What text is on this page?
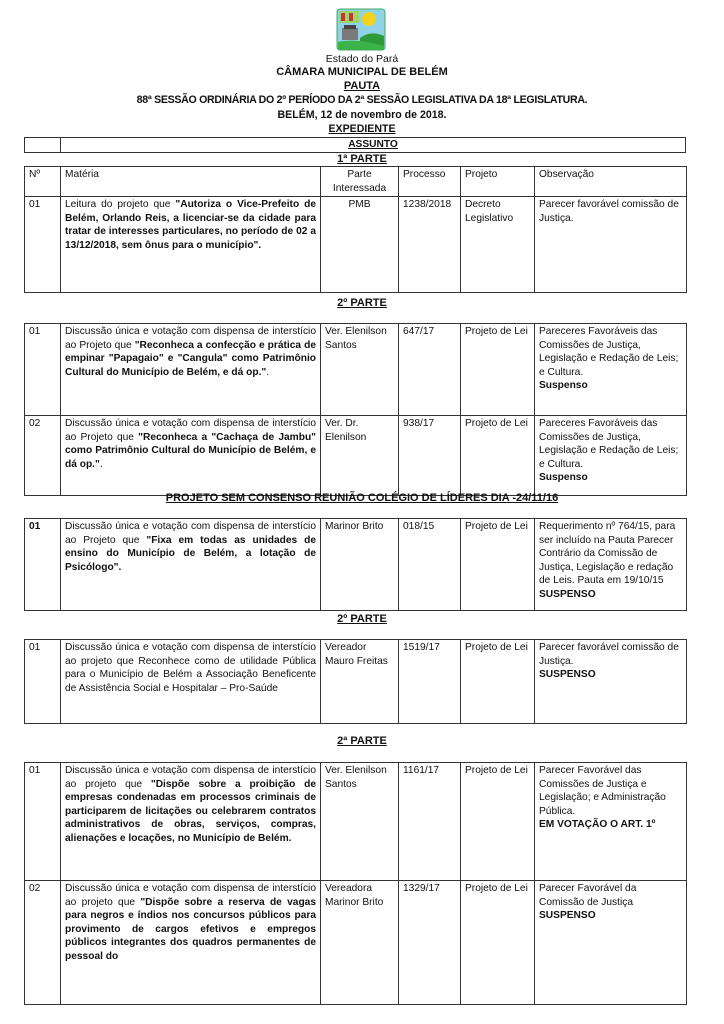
Estado do Pará
CÂMARA MUNICIPAL DE BELÉM
PAUTA
88ª SESSÃO ORDINÁRIA DO 2º PERÍODO DA 2ª SESSÃO LEGISLATIVA DA 18ª LEGISLATURA.
BELÉM, 12 de novembro de 2018.
EXPEDIENTE
	ASSUNTO
1ª PARTE
Nº	Matéria	Parte Interessada	Processo	Projeto	Observação
01	Leitura do projeto que "Autoriza o Vice-Prefeito de Belém, Orlando Reis, a licenciar-se da cidade para tratar de interesses particulares, no período de 02 a 13/12/2018, sem ônus para o município".	PMB	1238/2018	Decreto Legislativo	Parecer favorável comissão de Justiça.
2º PARTE
01	Discussão única e votação com dispensa de interstício ao Projeto que "Reconheca a confecção e prática de empinar "Papagaio" e "Cangula" como Patrimônio Cultural do Município de Belém, e dá op.".	Ver. Elenilson Santos	647/17	Projeto de Lei	Pareceres Favoráveis das Comissões de Justiça, Legislação e Redação de Leis; e Cultura.
Suspenso

02	Discussão única e votação com dispensa de interstício ao Projeto que "Reconheca a "Cachaça de Jambu" como Patrimônio Cultural do Município de Belém, e dá op.".	Ver. Dr. Elenilson	938/17	Projeto de Lei	Pareceres Favoráveis das Comissões de Justiça, Legislação e Redação de Leis; e Cultura.
Suspenso
PROJETO SEM CONSENSO REUNIÃO COLÉGIO DE LÍDERES DIA -24/11/16
01	Discussão única e votação com dispensa de interstício ao Projeto que "Fixa em todas as unidades de ensino do Município de Belém, a lotação de Psicólogo".	Marinor Brito	018/15	Projeto de Lei	Requerimento nº 764/15, para ser incluído na Pauta Parecer Contrário da Comissão de Justiça, Legislação e redação de Leis. Pauta em 19/10/15
SUSPENSO
2º PARTE
01	Discussão única e votação com dispensa de interstício ao projeto que Reconhece como de utilidade Pública para o Município de Belém a Associação Beneficente de Assistência Social e Hospitalar – Pro-Saúde	Vereador Mauro Freitas	1519/17	Projeto de Lei	Parecer favorável comissão de Justiça.
SUSPENSO
2ª PARTE
01	Discussão única e votação com dispensa de interstício ao projeto que "Dispõe sobre a proibição de empresas condenadas em processos criminais de participarem de licitações ou celebrarem contratos administrativos de obras, serviços, compras, alienações e locações, no Município de Belém.	Ver. Elenilson Santos	1161/17	Projeto de Lei	Parecer Favorável das Comissões de Justiça e Legislação; e Administração Pública.
EM VOTAÇÃO O ART. 1º

02	Discussão única e votação com dispensa de interstício ao projeto que "Dispõe sobre a reserva de vagas para negros e índios nos concursos públicos para provimento de cargos efetivos e empregos públicos integrantes dos quadros permanentes de pessoal do	Vereadora Marinor Brito	1329/17	Projeto de Lei	Parecer Favorável da Comissão de Justiça
SUSPENSO
